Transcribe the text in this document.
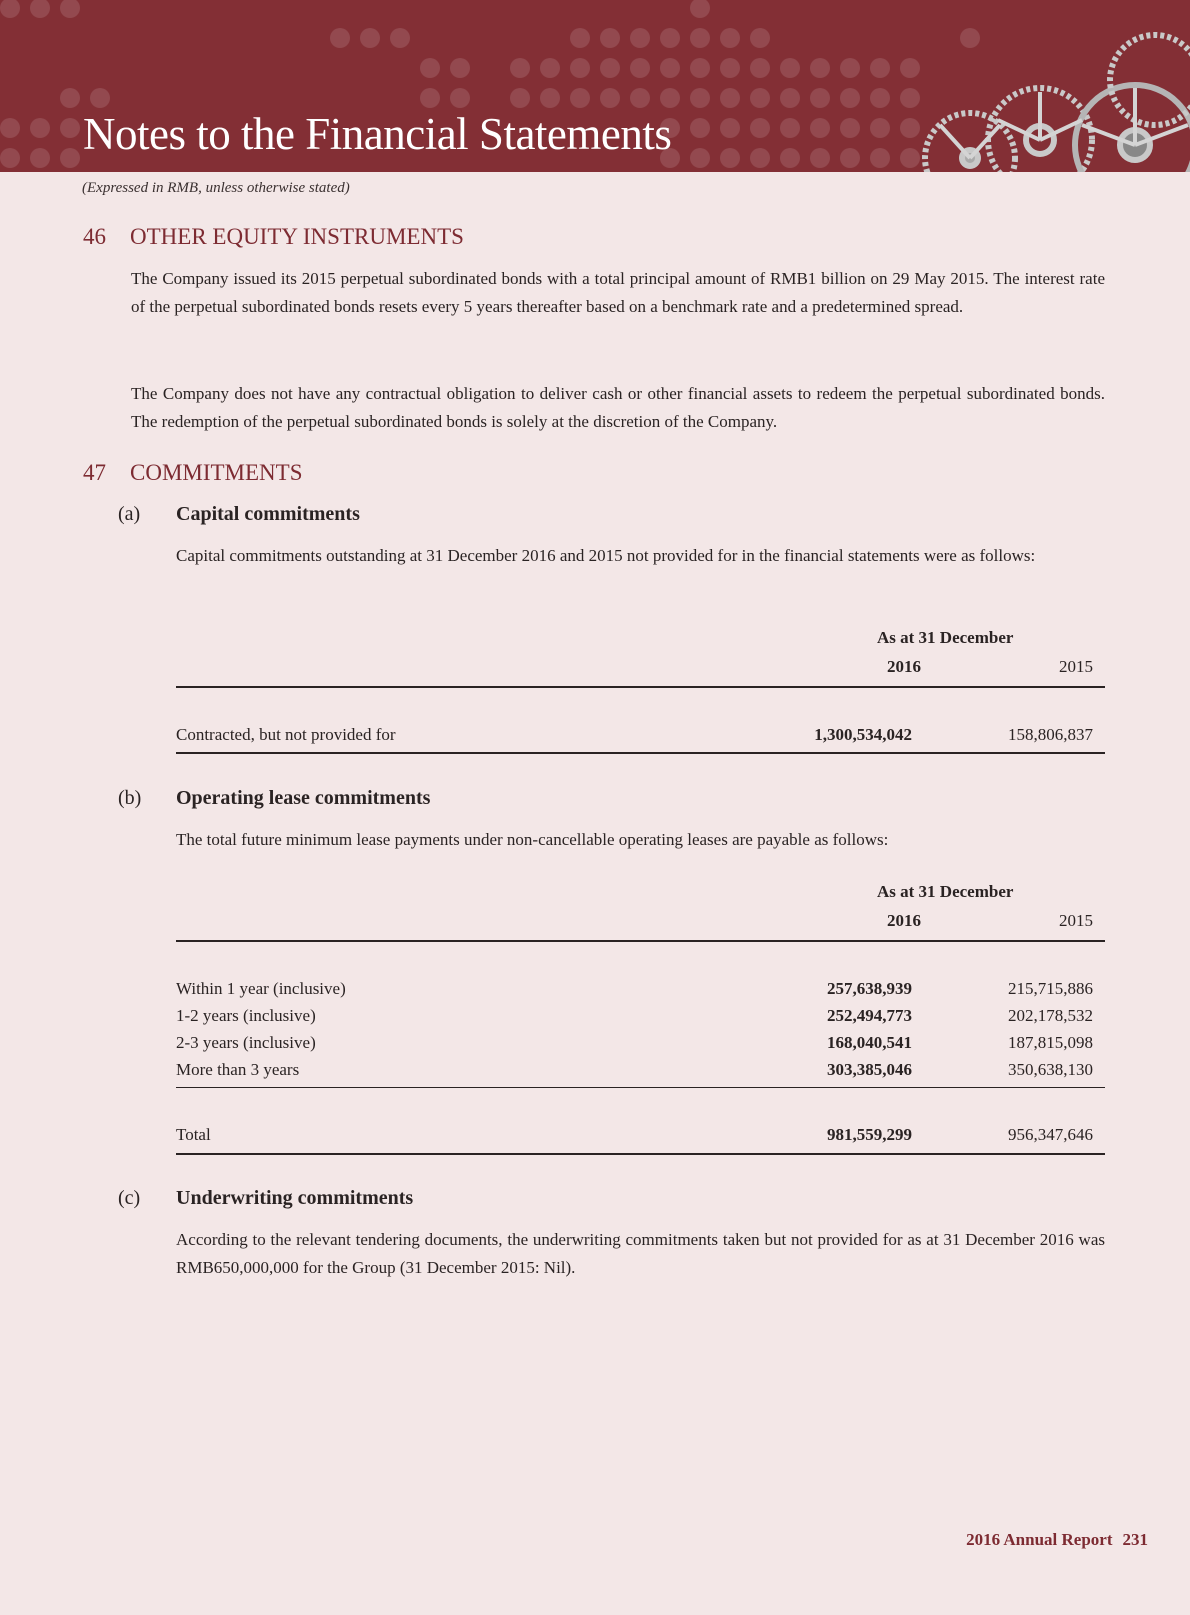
Notes to the Financial Statements
(Expressed in RMB, unless otherwise stated)
46 OTHER EQUITY INSTRUMENTS
The Company issued its 2015 perpetual subordinated bonds with a total principal amount of RMB1 billion on 29 May 2015. The interest rate of the perpetual subordinated bonds resets every 5 years thereafter based on a benchmark rate and a predetermined spread.
The Company does not have any contractual obligation to deliver cash or other financial assets to redeem the perpetual subordinated bonds. The redemption of the perpetual subordinated bonds is solely at the discretion of the Company.
47 COMMITMENTS
(a) Capital commitments
Capital commitments outstanding at 31 December 2016 and 2015 not provided for in the financial statements were as follows:
As at 31 December
2016	2015
Contracted, but not provided for	1,300,534,042	158,806,837
(b) Operating lease commitments
The total future minimum lease payments under non-cancellable operating leases are payable as follows:
As at 31 December
2016	2015
Within 1 year (inclusive)	257,638,939	215,715,886
1-2 years (inclusive)	252,494,773	202,178,532
2-3 years (inclusive)	168,040,541	187,815,098
More than 3 years	303,385,046	350,638,130
Total	981,559,299	956,347,646
(c) Underwriting commitments
According to the relevant tendering documents, the underwriting commitments taken but not provided for as at 31 December 2016 was RMB650,000,000 for the Group (31 December 2015: Nil).
2016 Annual Report 231
